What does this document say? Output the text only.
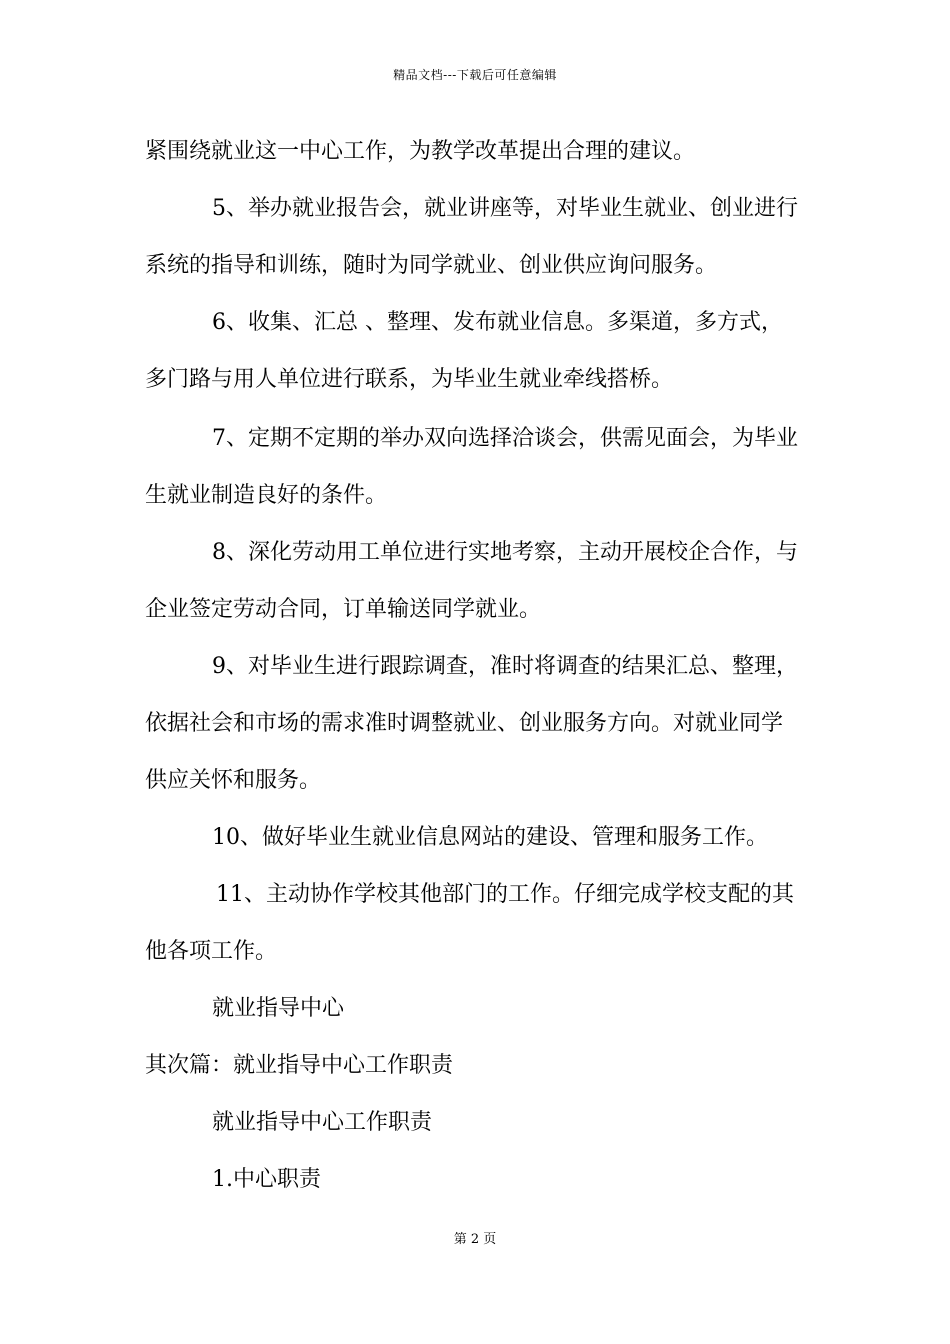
精品文档---下载后可任意编辑
紧围绕就业这一中心工作，为教学改革提出合理的建议。
5、举办就业报告会，就业讲座等，对毕业生就业、创业进行
系统的指导和训练，随时为同学就业、创业供应询问服务。
6、收集、汇总 、整理、发布就业信息。多渠道，多方式，
多门路与用人单位进行联系，为毕业生就业牵线搭桥。
7、定期不定期的举办双向选择洽谈会，供需见面会，为毕业
生就业制造良好的条件。
8、深化劳动用工单位进行实地考察，主动开展校企合作，与
企业签定劳动合同，订单输送同学就业。
9、对毕业生进行跟踪调查，准时将调查的结果汇总、整理，
依据社会和市场的需求准时调整就业、创业服务方向。对就业同学
供应关怀和服务。
10、做好毕业生就业信息网站的建设、管理和服务工作。
11、主动协作学校其他部门的工作。仔细完成学校支配的其
他各项工作。
就业指导中心
其次篇：就业指导中心工作职责
就业指导中心工作职责
1.中心职责
第 2 页
